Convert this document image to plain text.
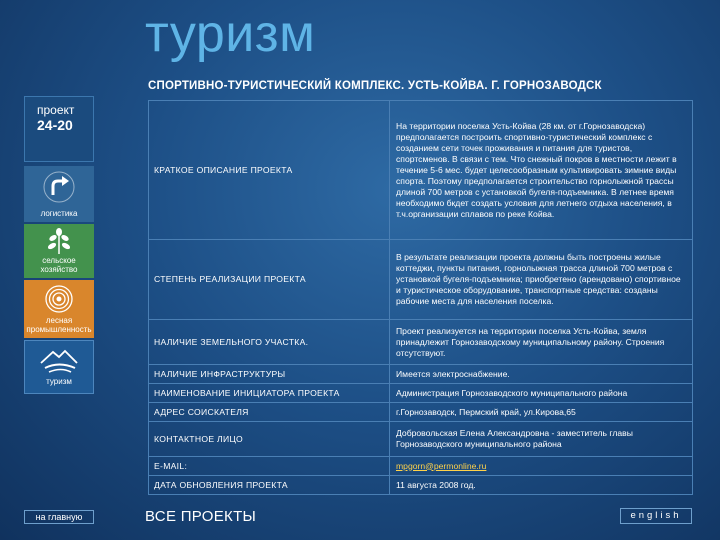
туризм
СПОРТИВНО-ТУРИСТИЧЕСКИЙ КОМПЛЕКС. УСТЬ-КОЙВА. Г. ГОРНОЗАВОДСК
проект
24-20
логистика
сельское хозяйство
лесная промышленность
туризм
КРАТКОЕ ОПИСАНИЕ ПРОЕКТА	На территории поселка Усть-Койва (28 км. от г.Горнозаводска) предполагается построить спортивно-туристический комплекс с созданием сети точек проживания и питания для туристов, спортсменов. В связи с тем. Что снежный покров в местности лежит в течение 5-6 мес. будет целесообразным культивировать зимние виды спорта. Поэтому предполагается строительство горнолыжной трассы длиной 700 метров с установкой бугеля-подъемника. В летнее время необходимо бкдет создать условия для летнего отдыха населения, в т.ч.организации сплавов по реке Койва.
СТЕПЕНЬ РЕАЛИЗАЦИИ ПРОЕКТА	В результате реализации проекта должны быть построены жилые коттеджи, пункты питания, горнолыжная трасса длиной 700 метров с установкой бугеля-подъемника; приобретено (арендовано) спортивное и туристическое оборудование, транспортные средства: созданы рабочие места для населения поселка.
НАЛИЧИЕ ЗЕМЕЛЬНОГО УЧАСТКА.	Проект реализуется на территории поселка Усть-Койва, земля принадлежит Горнозаводскому муниципальному району. Строения отсутствуют.
НАЛИЧИЕ ИНФРАСТРУКТУРЫ	Имеется электроснабжение.
НАИМЕНОВАНИЕ ИНИЦИАТОРА ПРОЕКТА	Администрация Горнозаводского муниципального района
АДРЕС СОИСКАТЕЛЯ	г.Горнозаводск, Пермский край, ул.Кирова,65
КОНТАКТНОЕ ЛИЦО	Добровольская Елена Александровна - заместитель главы Горнозаводского муниципального района
E-MAIL:	mpgorn@permonline.ru
ДАТА ОБНОВЛЕНИЯ ПРОЕКТА	11 августа 2008 год.
на главную	ВСЕ ПРОЕКТЫ	english
